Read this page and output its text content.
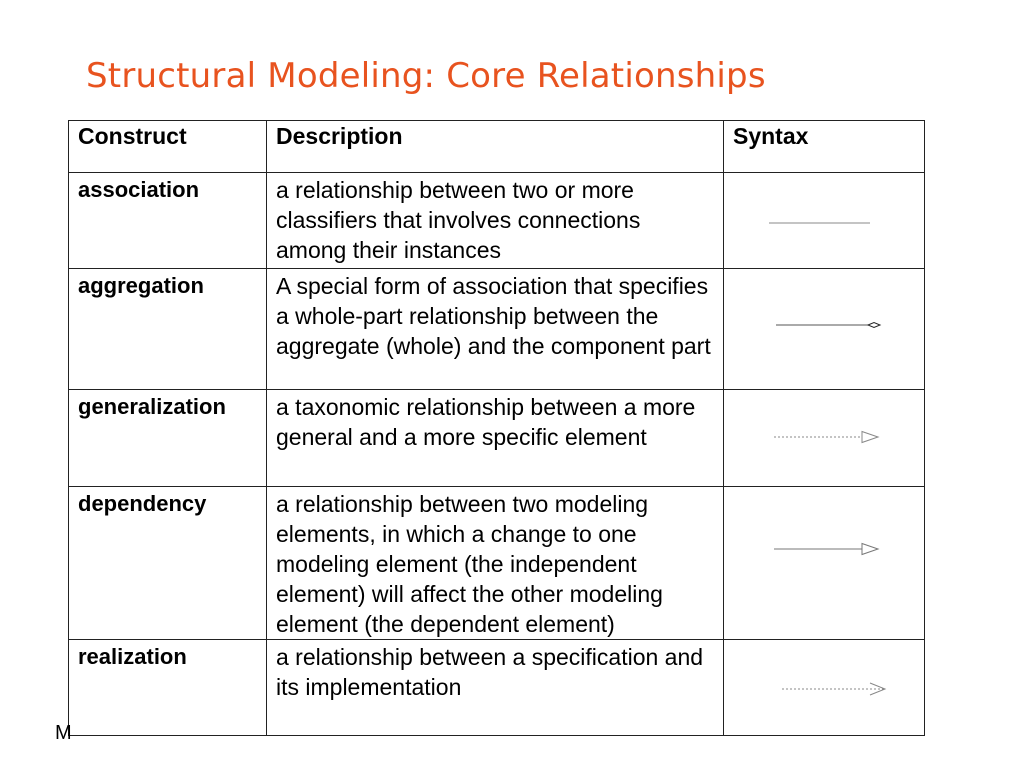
Structural Modeling: Core Relationships
Construct	Description	Syntax
association	a relationship between two or more classifiers that involves connections among their instances	

aggregation	A special form of association that specifies a whole-part relationship between the aggregate (whole) and the component part	

generalization	a taxonomic relationship between a more general and a more specific element	

dependency	a relationship between two modeling elements, in which a change to one modeling element (the independent element) will affect the other modeling element (the dependent element)	

realization	a relationship between a specification and its implementation	
M
